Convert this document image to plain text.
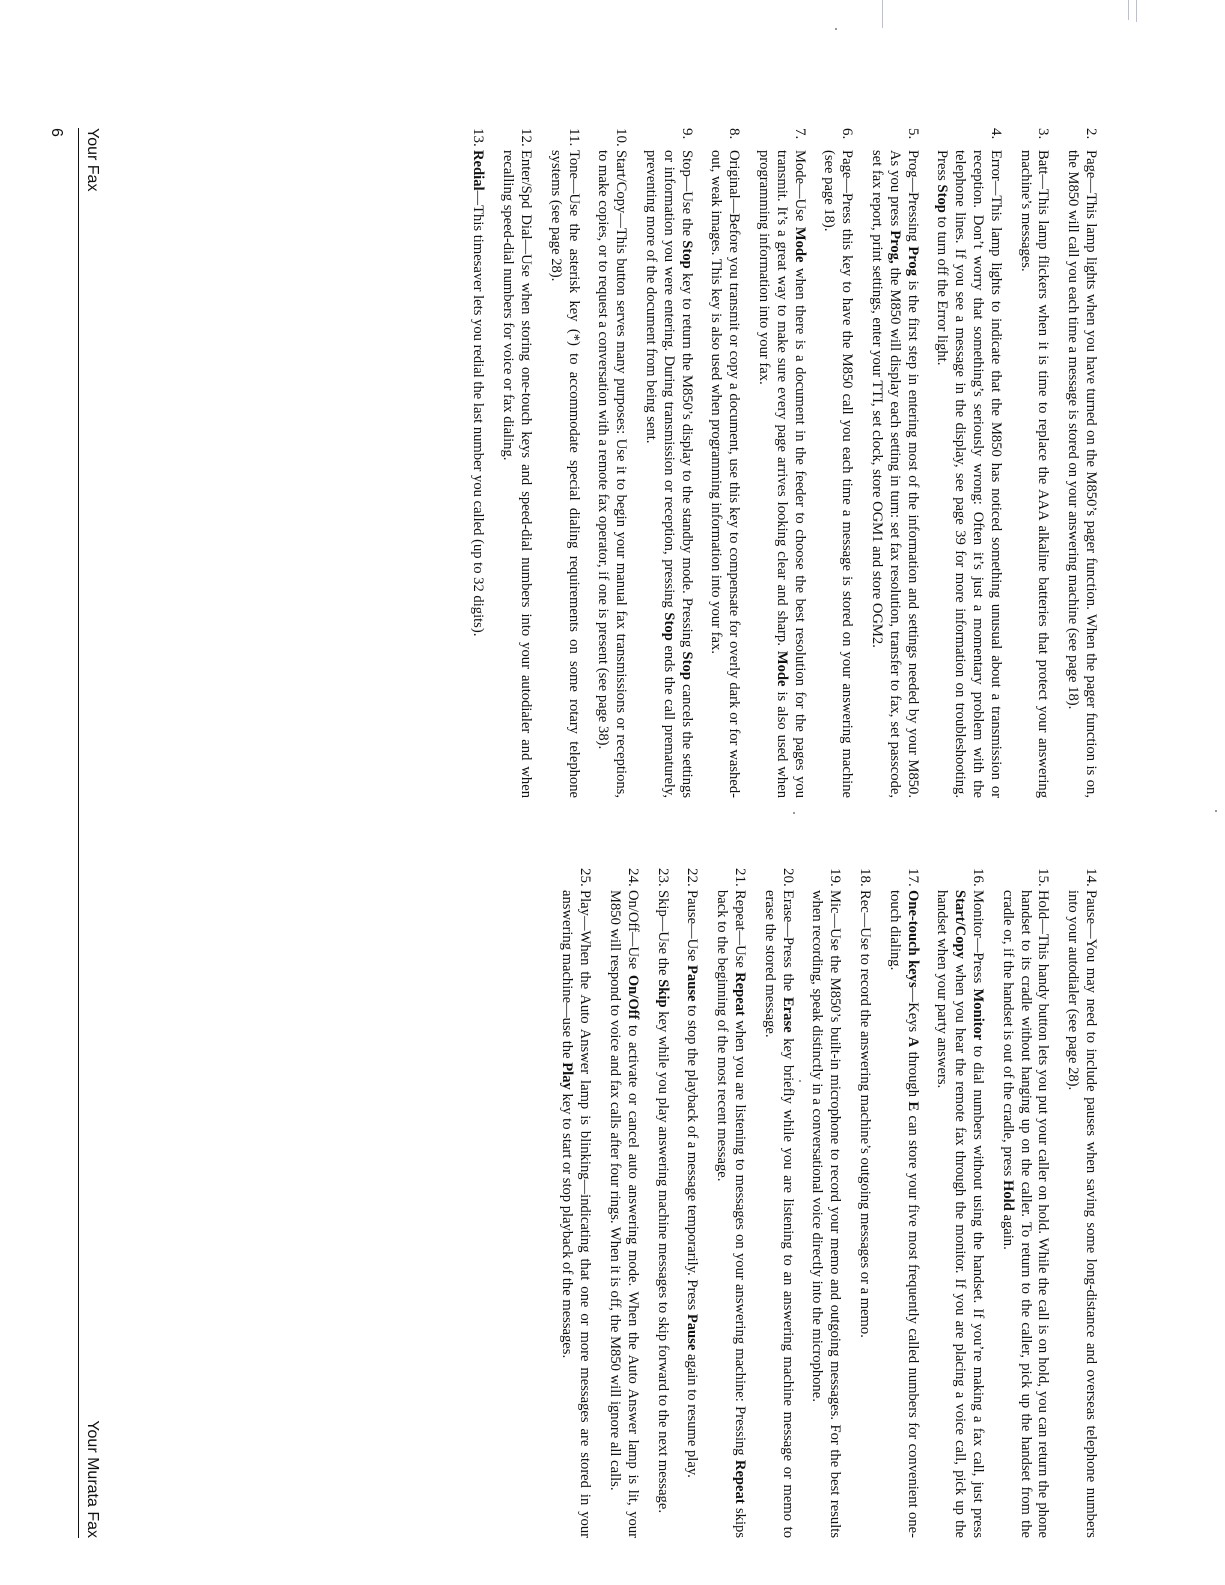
Your Fax
Your Murata Fax
2.
Page—This lamp lights when you have turned on the M850’s pager function. When the pager function is on, the M850 will call you each time a message is stored on your answering machine (see page 18).
3.
Batt—This lamp flickers when it is time to replace the AAA alkaline batteries that protect your answering machine’s messages.
4.
Error—This lamp lights to indicate that the M850 has noticed something unusual about a transmission or reception. Don’t worry that something’s seriously wrong: Often it’s just a momentary problem with the telephone lines. If you see a message in the display, see page 39 for more information on troubleshooting. Press Stop to turn off the Error light.
5.
Prog—Pressing Prog is the first step in entering most of the information and settings needed by your M850. As you press Prog, the M850 will display each setting in turn: set fax resolution, transfer to fax, set passcode, set fax report, print settings, enter your TTI, set clock, store OGM1 and store OGM2.
6.
Page—Press this key to have the M850 call you each time a message is stored on your answering machine (see page 18).
7.
Mode—Use Mode when there is a document in the feeder to choose the best resolution for the pages you transmit. It’s a great way to make sure every page arrives looking clear and sharp. Mode is also used when programming information into your fax.
8.
Original—Before you transmit or copy a document, use this key to compensate for overly dark or for washed-out, weak images. This key is also used when programming information into your fax.
9.
Stop—Use the Stop key to return the M850’s display to the standby mode. Pressing Stop cancels the settings or information you were entering. During transmission or reception, pressing Stop ends the call prematurely, preventing more of the document from being sent.
10.
Start/Copy—This button serves many purposes: Use it to begin your manual fax transmissions or receptions, to make copies, or to request a conversation with a remote fax operator, if one is present (see page 38).
11.
Tone—Use the asterisk key (*) to accommodate special dialing requirements on some rotary telephone systems (see page 28).
12.
Enter/Spd Dial—Use when storing one-touch keys and speed-dial numbers into your autodialer and when recalling speed-dial numbers for voice or fax dialing.
13.
Redial—This timesaver lets you redial the last number you called (up to 32 digits).
14.
Pause—You may need to include pauses when saving some long-distance and overseas telephone numbers into your autodialer (see page 28).
15.
Hold—This handy button lets you put your caller on hold. While the call is on hold, you can return the phone handset to its cradle without hanging up on the caller. To return to the caller, pick up the handset from the cradle or, if the handset is out of the cradle, press Hold again.
16.
Monitor—Press Monitor to dial numbers without using the handset. If you’re making a fax call, just press Start/Copy when you hear the remote fax through the monitor. If you are placing a voice call, pick up the handset when your party answers.
17.
One-touch keys—Keys A through E can store your five most frequently called numbers for convenient one-touch dialing.
18.
Rec—Use to record the answering machine’s outgoing messages or a memo.
19.
Mic—Use the M850’s built-in microphone to record your memo and outgoing messages. For the best results when recording, speak distinctly in a conversational voice directly into the microphone.
20.
Erase—Press the Erase key briefly while you are listening to an answering machine message or memo to erase the stored message.
21.
Repeat—Use Repeat when you are listening to messages on your answering machine: Pressing Repeat skips back to the beginning of the most recent message.
22.
Pause—Use Pause to stop the playback of a message temporarily. Press Pause again to resume play.
23.
Skip—Use the Skip key while you play answering machine messages to skip forward to the next message.
24.
On/Off—Use On/Off to activate or cancel auto answering mode. When the Auto Answer lamp is lit, your M850 will respond to voice and fax calls after four rings. When it is off, the M850 will ignore all calls.
25.
Play—When the Auto Answer lamp is blinking—indicating that one or more messages are stored in your answering machine—use the Play key to start or stop playback of the messages.
6
